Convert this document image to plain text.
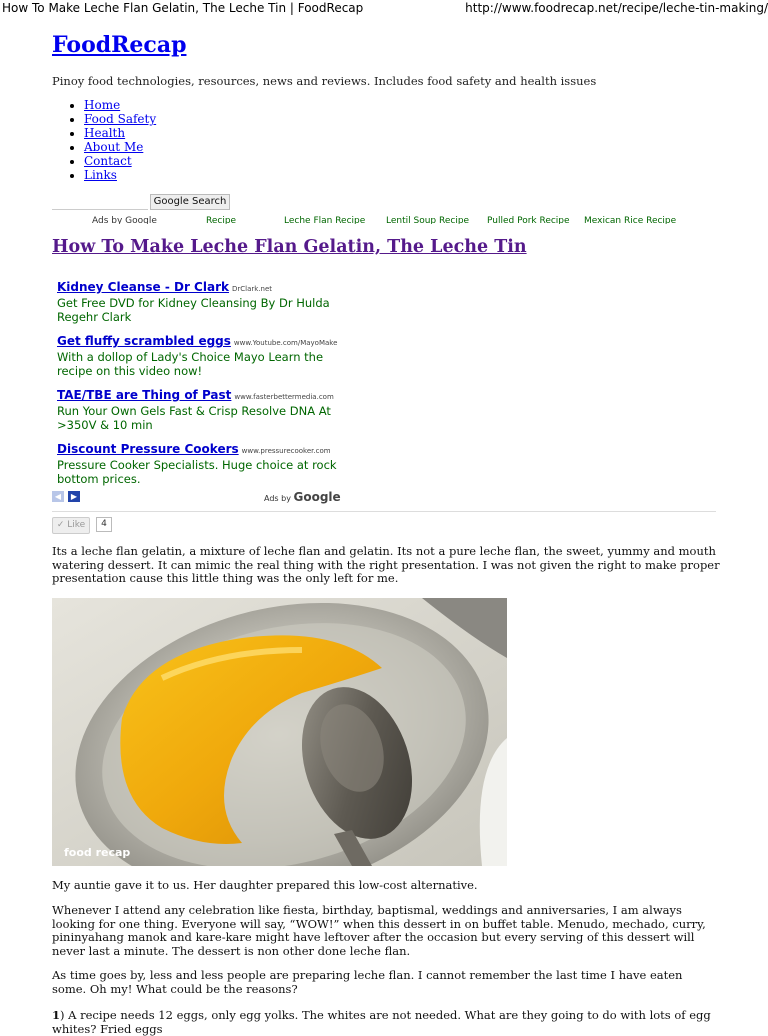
How To Make Leche Flan Gelatin, The Leche Tin | FoodRecap	http://www.foodrecap.net/recipe/leche-tin-making/
FoodRecap
Pinoy food technologies, resources, news and reviews. Includes food safety and health issues
• Home
• Food Safety
• Health
• About Me
• Contact
• Links
Google Search
Ads by Google	Recipe	Leche Flan Recipe Lentil Soup Recipe Pulled Pork Recipe Mexican Rice Recipe
How To Make Leche Flan Gelatin, The Leche Tin
Kidney Cleanse - Dr Clark DrClark.net
Get Free DVD for Kidney Cleansing By Dr Hulda Regehr Clark
Get fluffy scrambled eggs www.Youtube.com/MayoMake
With a dollop of Lady's Choice Mayo Learn the recipe on this video now!
TAE/TBE are Thing of Past www.fasterbettermedia.com
Run Your Own Gels Fast & Crisp Resolve DNA At >350V & 10 min
Discount Pressure Cookers www.pressurecooker.com
Pressure Cooker Specialists. Huge choice at rock bottom prices.
◀	▶	Ads by Google
✓ Like	4

Its a leche flan gelatin, a mixture of leche flan and gelatin. Its not a pure leche flan, the sweet, yummy and mouth watering dessert. It can mimic the real thing with the right presentation. I was not given the right to make proper presentation cause this little thing was the only left for me.

food recap

My auntie gave it to us. Her daughter prepared this low-cost alternative.

Whenever I attend any celebration like fiesta, birthday, baptismal, weddings and anniversaries, I am always looking for one thing. Everyone will say, “WOW!” when this dessert in on buffet table. Menudo, mechado, curry, pininyahang manok and kare-kare might have leftover after the occasion but every serving of this dessert will never last a minute. The dessert is non other done leche flan.

As time goes by, less and less people are preparing leche flan. I cannot remember the last time I have eaten some. Oh my! What could be the reasons?

1) A recipe needs 12 eggs, only egg yolks. The whites are not needed. What are they going to do with lots of egg whites? Fried eggs
